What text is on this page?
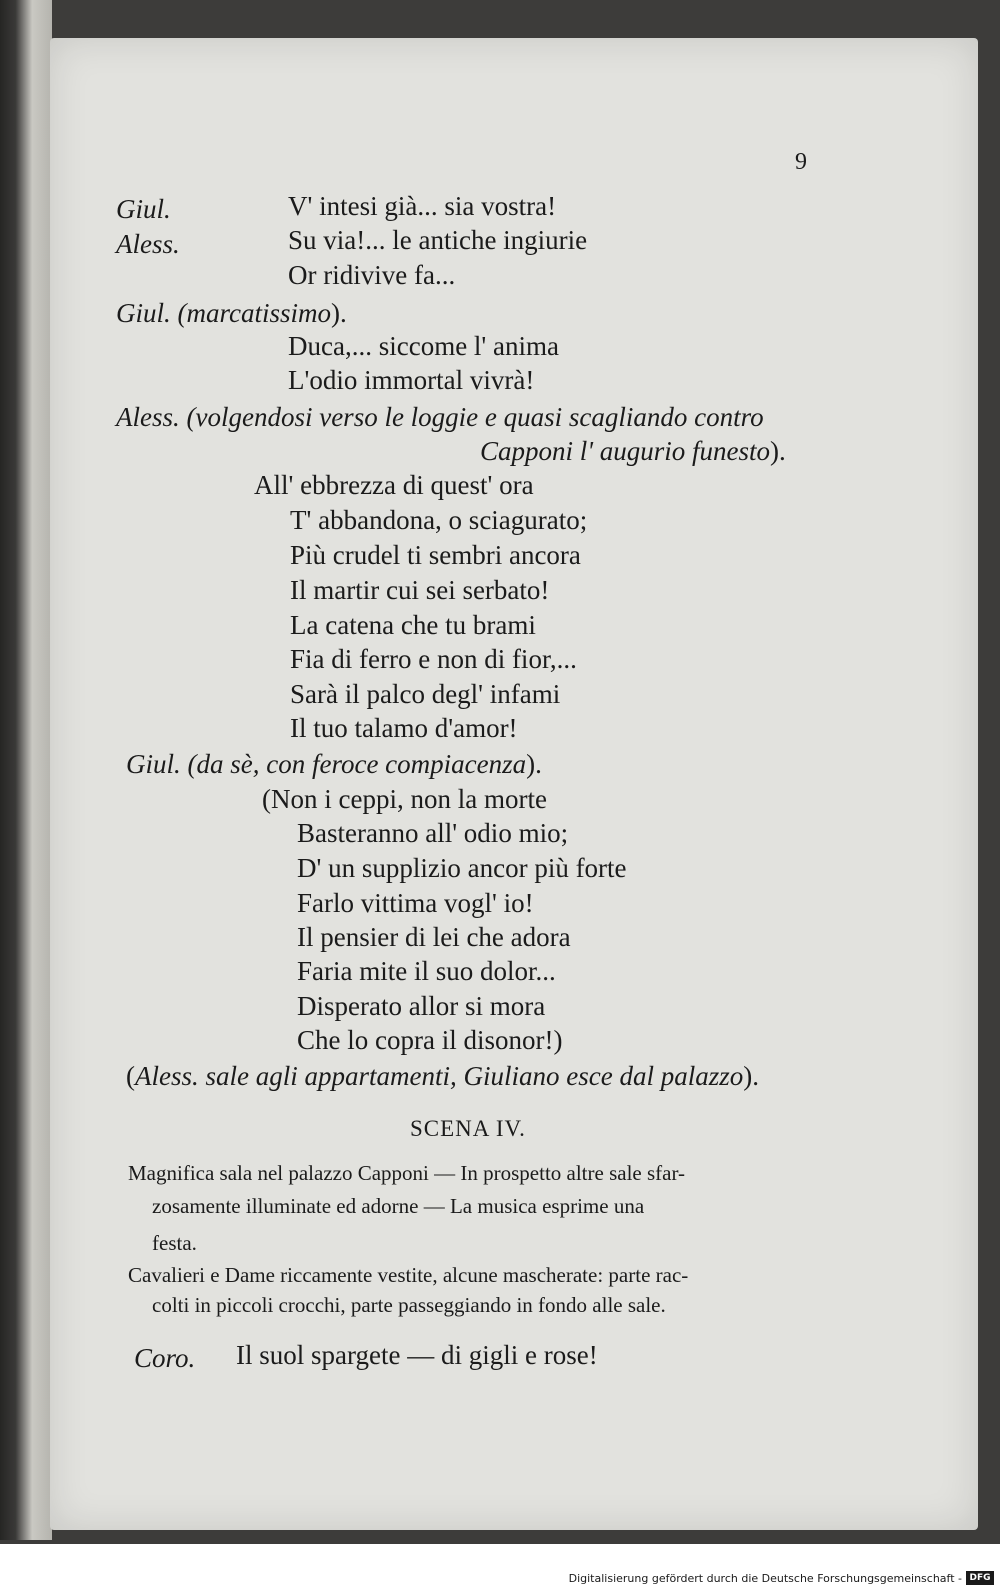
9
Giul.	V' intesi già... sia vostra!
Aless.	Su via!... le antiche ingiurie
Or ridivive fa...
Giul. (marcatissimo).
Duca,... siccome l' anima
L'odio immortal vivrà!
Aless. (volgendosi verso le loggie e quasi scagliando contro
Capponi l' augurio funesto).
All' ebbrezza di quest' ora
T' abbandona, o sciagurato;
Più crudel ti sembri ancora
Il martir cui sei serbato!
La catena che tu brami
Fia di ferro e non di fior,...
Sarà il palco degl' infami
Il tuo talamo d'amor!
Giul. (da sè, con feroce compiacenza).
(Non i ceppi, non la morte
Basteranno all' odio mio;
D' un supplizio ancor più forte
Farlo vittima vogl' io!
Il pensier di lei che adora
Faria mite il suo dolor...
Disperato allor si mora
Che lo copra il disonor!)
(Aless. sale agli appartamenti, Giuliano esce dal palazzo).
SCENA IV.
Magnifica sala nel palazzo Capponi — In prospetto altre sale sfar-
zosamente illuminate ed adorne — La musica esprime una
festa.
Cavalieri e Dame riccamente vestite, alcune mascherate: parte rac-
colti in piccoli crocchi, parte passeggiando in fondo alle sale.
Coro. Il suol spargete — di gigli e rose!
Digitalisierung gefördert durch die Deutsche Forschungsgemeinschaft - DFG
